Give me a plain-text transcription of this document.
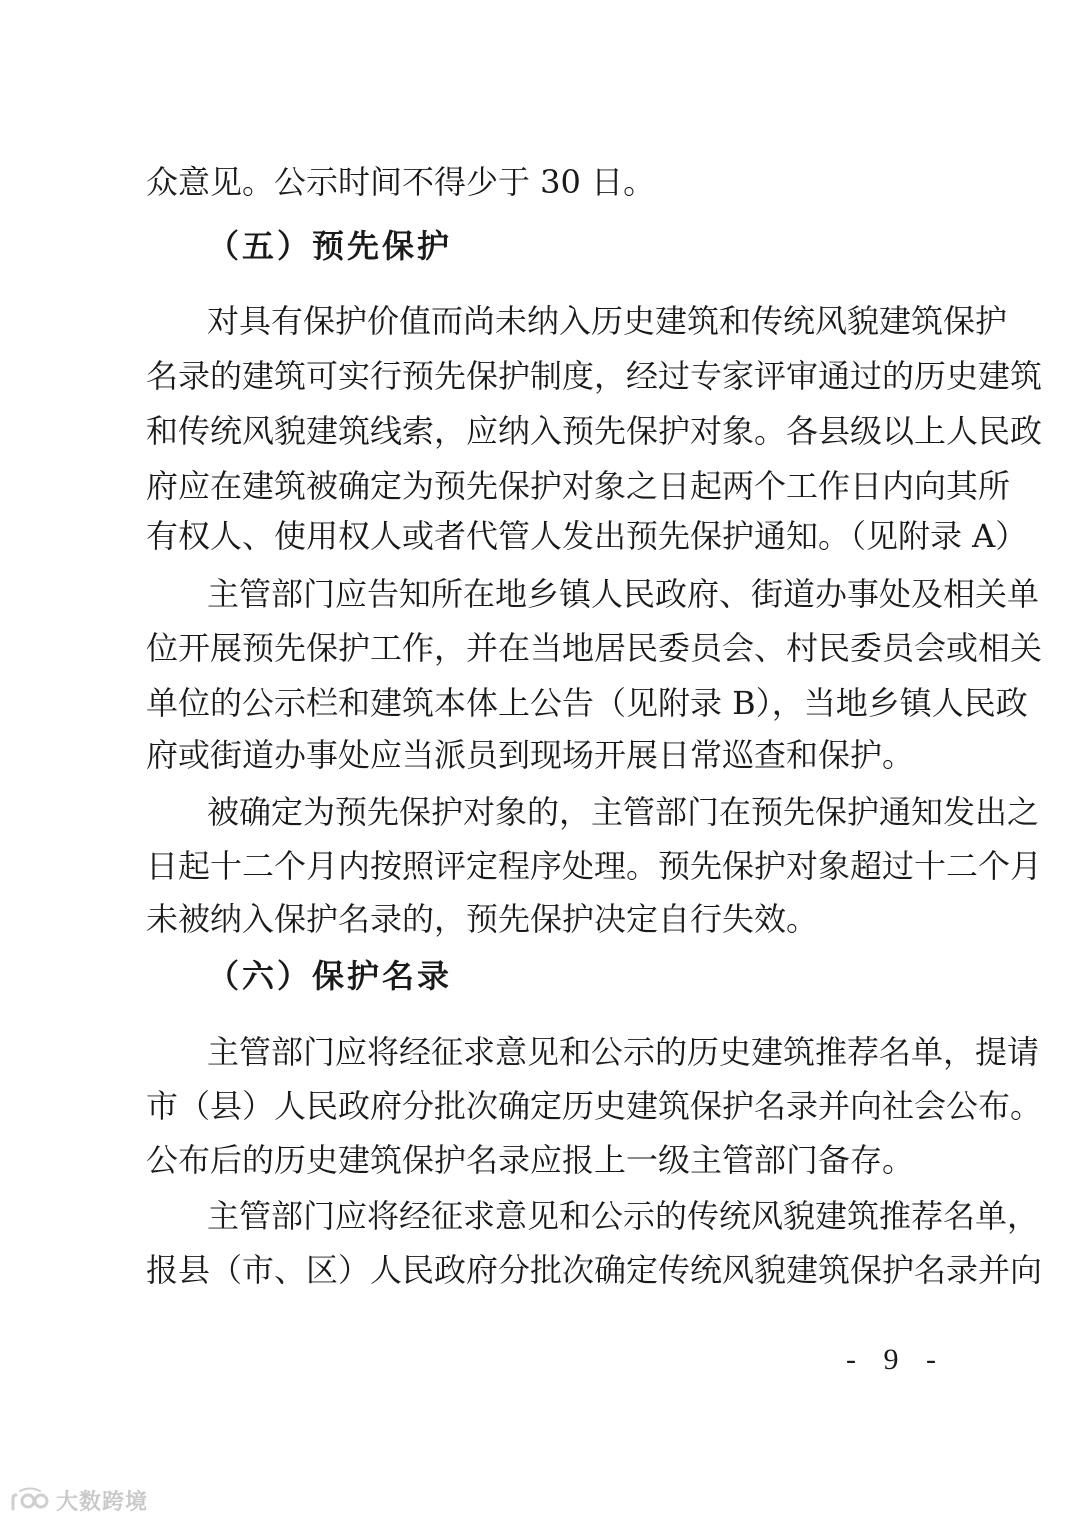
众意见。公示时间不得少于 30 日。
（五）预先保护
对具有保护价值而尚未纳入历史建筑和传统风貌建筑保护
名录的建筑可实行预先保护制度，经过专家评审通过的历史建筑
和传统风貌建筑线索，应纳入预先保护对象。各县级以上人民政
府应在建筑被确定为预先保护对象之日起两个工作日内向其所
有权人、使用权人或者代管人发出预先保护通知。（见附录 A）
主管部门应告知所在地乡镇人民政府、街道办事处及相关单
位开展预先保护工作，并在当地居民委员会、村民委员会或相关
单位的公示栏和建筑本体上公告（见附录 B），当地乡镇人民政
府或街道办事处应当派员到现场开展日常巡查和保护。
被确定为预先保护对象的，主管部门在预先保护通知发出之
日起十二个月内按照评定程序处理。预先保护对象超过十二个月
未被纳入保护名录的，预先保护决定自行失效。
（六）保护名录
主管部门应将经征求意见和公示的历史建筑推荐名单，提请
市（县）人民政府分批次确定历史建筑保护名录并向社会公布。
公布后的历史建筑保护名录应报上一级主管部门备存。
主管部门应将经征求意见和公示的传统风貌建筑推荐名单，
报县（市、区）人民政府分批次确定传统风貌建筑保护名录并向
- 9 -
大数跨境
